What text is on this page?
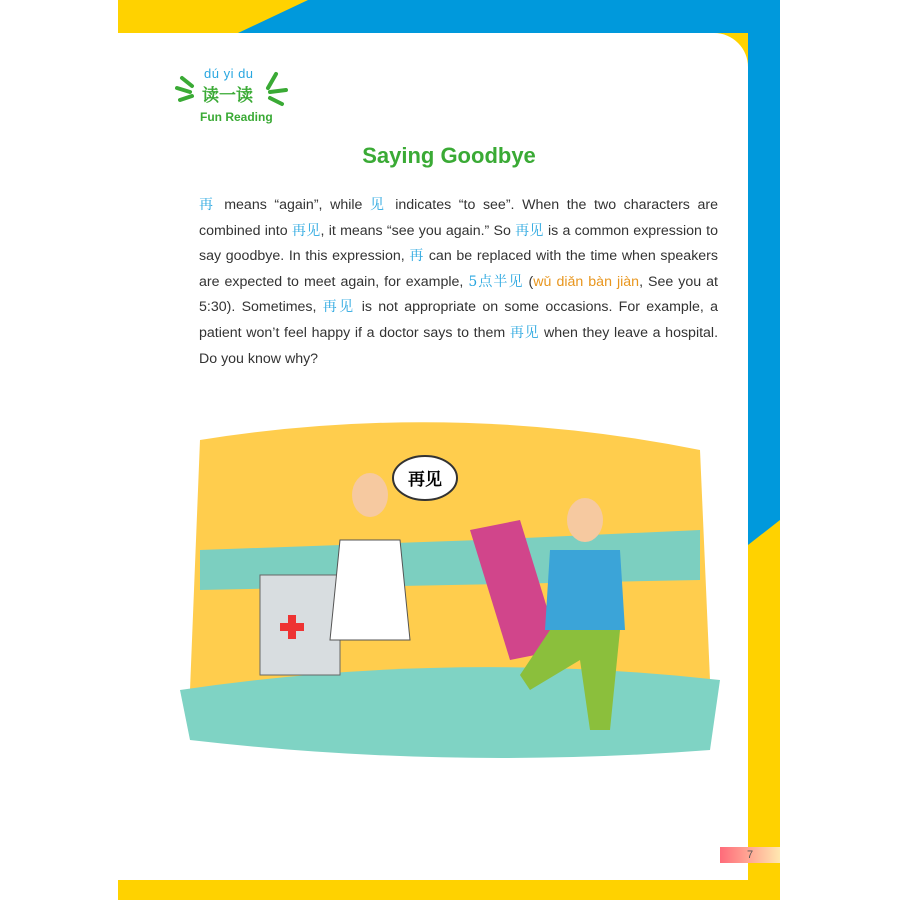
dú yi du
读一读
Fun Reading
Saying Goodbye
再 means “again”, while 见 indicates “to see”. When the two characters are combined into 再见, it means “see you again.” So 再见 is a common expression to say goodbye. In this expression, 再 can be replaced with the time when speakers are expected to meet again, for example, 5点半见 (wǔ diǎn bàn jiàn, See you at 5:30). Sometimes, 再见 is not appropriate on some occasions. For example, a patient won’t feel happy if a doctor says to them 再见 when they leave a hospital. Do you know why?
再见
7
